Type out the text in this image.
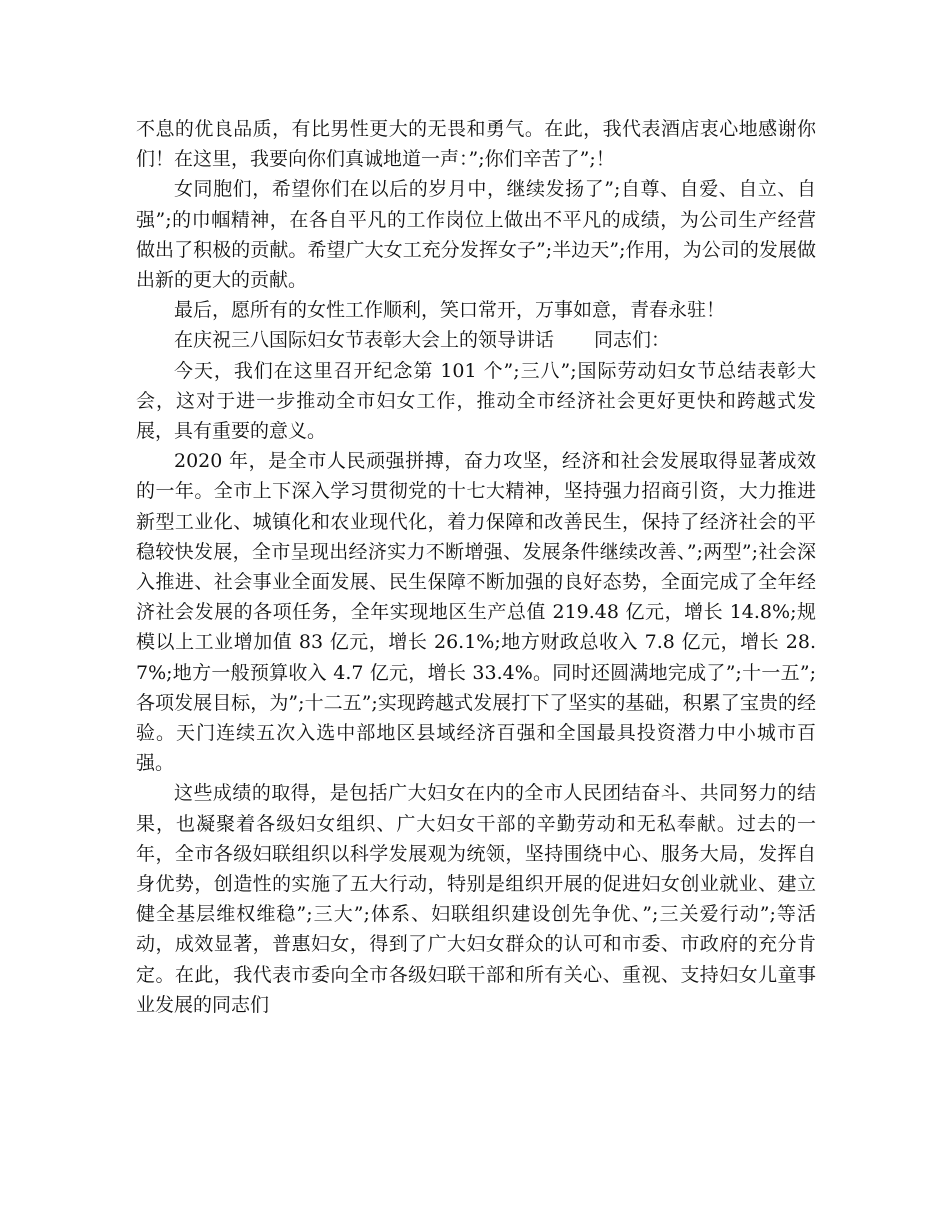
不息的优良品质，有比男性更大的无畏和勇气。在此，我代表酒店衷心地感谢你们！在这里，我要向你们真诚地道一声：”;你们辛苦了”;！

女同胞们，希望你们在以后的岁月中，继续发扬了”;自尊、自爱、自立、自强”;的巾帼精神，在各自平凡的工作岗位上做出不平凡的成绩，为公司生产经营做出了积极的贡献。希望广大女工充分发挥女子”;半边天”;作用，为公司的发展做出新的更大的贡献。

最后，愿所有的女性工作顺利，笑口常开，万事如意，青春永驻！

在庆祝三八国际妇女节表彰大会上的领导讲话 同志们：

今天，我们在这里召开纪念第 101 个”;三八”;国际劳动妇女节总结表彰大会，这对于进一步推动全市妇女工作，推动全市经济社会更好更快和跨越式发展，具有重要的意义。

2020 年，是全市人民顽强拼搏，奋力攻坚，经济和社会发展取得显著成效的一年。全市上下深入学习贯彻党的十七大精神，坚持强力招商引资，大力推进新型工业化、城镇化和农业现代化，着力保障和改善民生，保持了经济社会的平稳较快发展，全市呈现出经济实力不断增强、发展条件继续改善、”;两型”;社会深入推进、社会事业全面发展、民生保障不断加强的良好态势，全面完成了全年经济社会发展的各项任务，全年实现地区生产总值 219.48 亿元，增长 14.8%;规模以上工业增加值 83 亿元，增长 26.1%;地方财政总收入 7.8 亿元，增长 28.7%;地方一般预算收入 4.7 亿元，增长 33.4%。同时还圆满地完成了”;十一五”;各项发展目标，为”;十二五”;实现跨越式发展打下了坚实的基础，积累了宝贵的经验。天门连续五次入选中部地区县域经济百强和全国最具投资潜力中小城市百强。

这些成绩的取得，是包括广大妇女在内的全市人民团结奋斗、共同努力的结果，也凝聚着各级妇女组织、广大妇女干部的辛勤劳动和无私奉献。过去的一年，全市各级妇联组织以科学发展观为统领，坚持围绕中心、服务大局，发挥自身优势，创造性的实施了五大行动，特别是组织开展的促进妇女创业就业、建立健全基层维权维稳”;三大”;体系、妇联组织建设创先争优、”;三关爱行动”;等活动，成效显著，普惠妇女，得到了广大妇女群众的认可和市委、市政府的充分肯定。在此，我代表市委向全市各级妇联干部和所有关心、重视、支持妇女儿童事业发展的同志们
